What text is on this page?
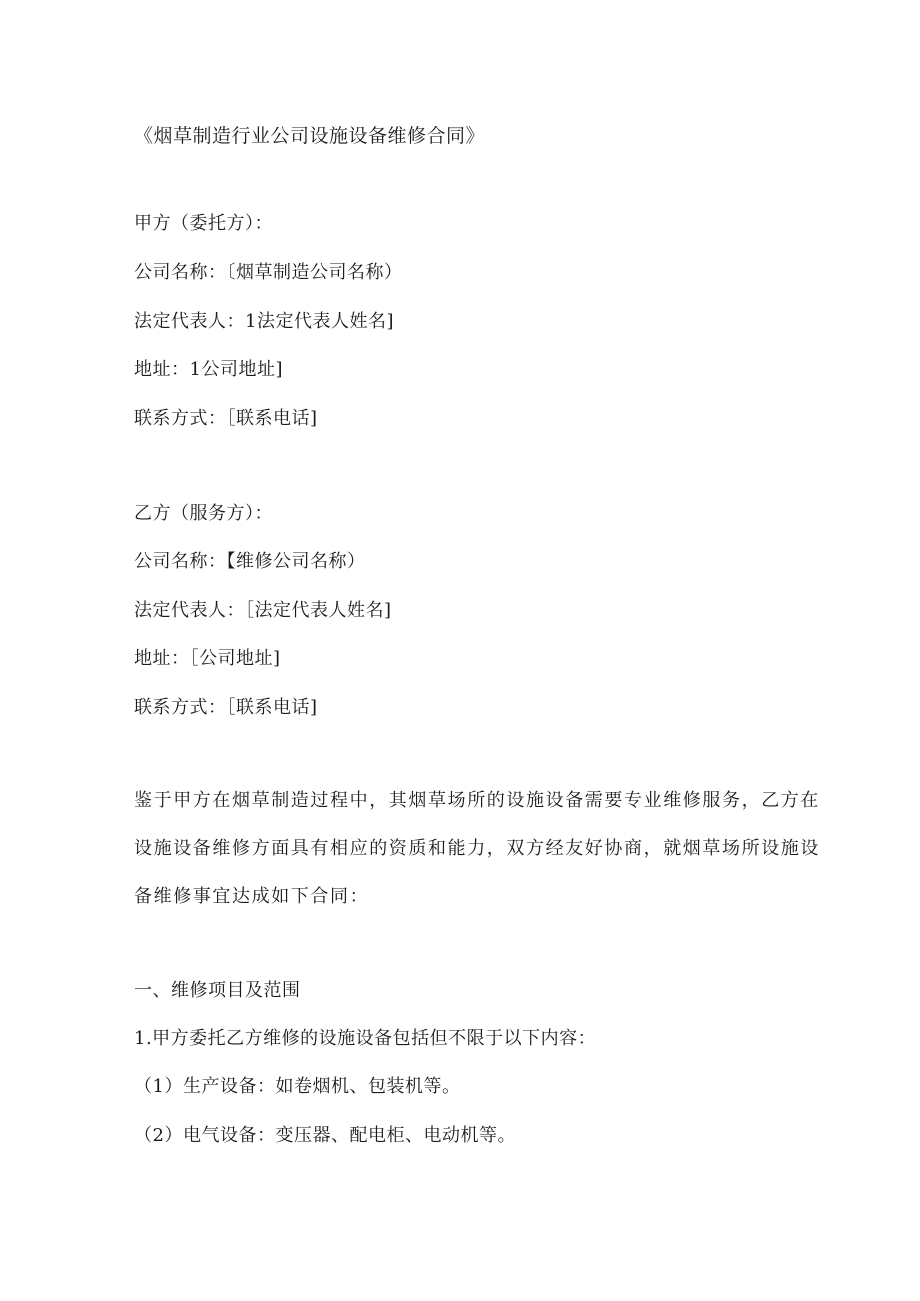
《烟草制造行业公司设施设备维修合同》
甲方（委托方）：
公司名称：〔烟草制造公司名称）
法定代表人：1法定代表人姓名]
地址：1公司地址]
联系方式：［联系电话]
乙方（服务方）：
公司名称：【维修公司名称）
法定代表人：［法定代表人姓名]
地址：［公司地址]
联系方式：［联系电话]
鉴于甲方在烟草制造过程中，其烟草场所的设施设备需要专业维修服务，乙方在
设施设备维修方面具有相应的资质和能力，双方经友好协商，就烟草场所设施设
备维修事宜达成如下合同：
一、维修项目及范围
1.甲方委托乙方维修的设施设备包括但不限于以下内容：
（1）生产设备：如卷烟机、包装机等。
（2）电气设备：变压器、配电柜、电动机等。
